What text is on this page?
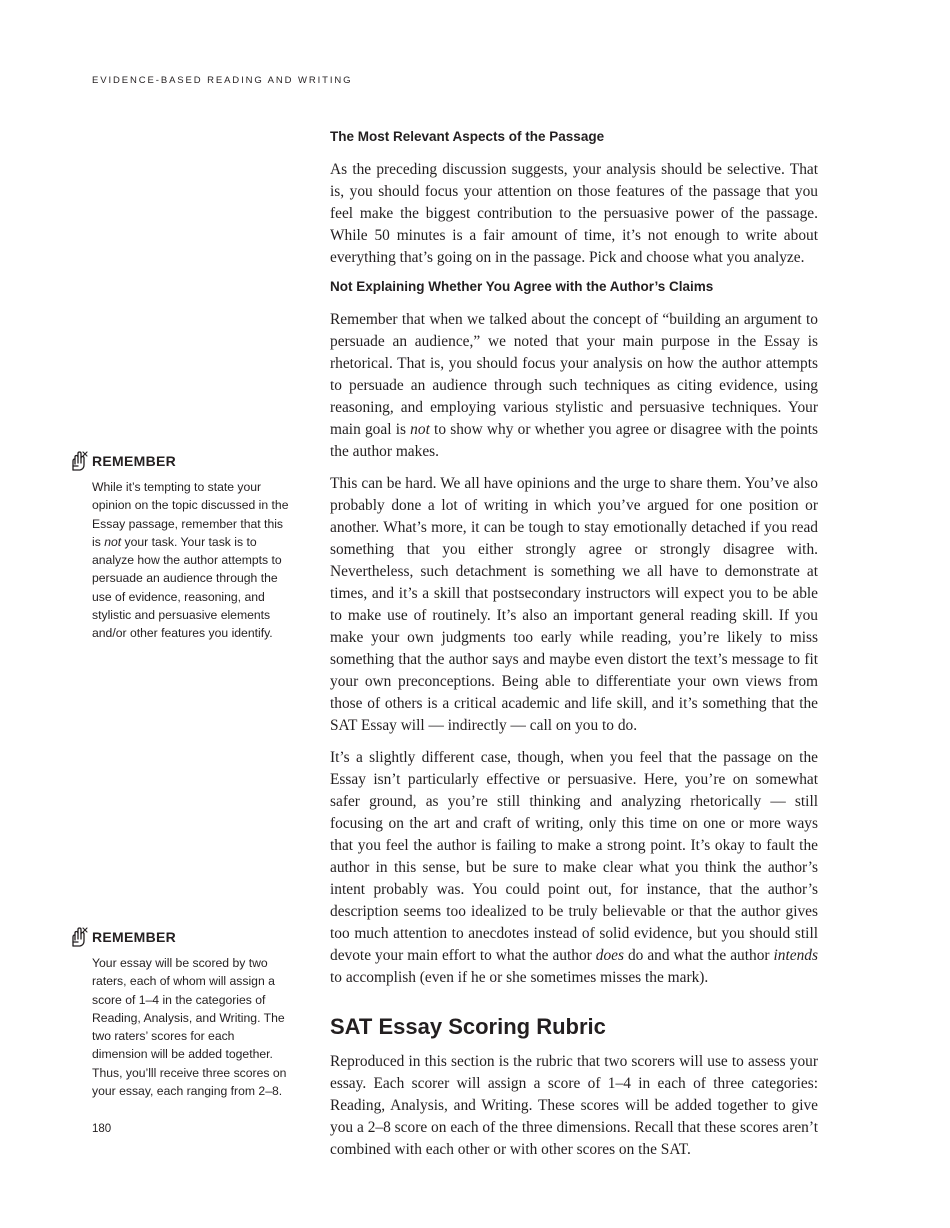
EVIDENCE-BASED READING AND WRITING
The Most Relevant Aspects of the Passage

As the preceding discussion suggests, your analysis should be selective. That is, you should focus your attention on those features of the passage that you feel make the biggest contribution to the persuasive power of the passage. While 50 minutes is a fair amount of time, it’s not enough to write about everything that’s going on in the passage. Pick and choose what you analyze.

Not Explaining Whether You Agree with the Author’s Claims

Remember that when we talked about the concept of “building an argument to persuade an audience,” we noted that your main purpose in the Essay is rhetorical. That is, you should focus your analysis on how the author attempts to persuade an audience through such techniques as citing evidence, using reasoning, and employing various stylistic and persuasive techniques. Your main goal is not to show why or whether you agree or disagree with the points the author makes.

This can be hard. We all have opinions and the urge to share them. You’ve also probably done a lot of writing in which you’ve argued for one position or another. What’s more, it can be tough to stay emotionally detached if you read something that you either strongly agree or strongly disagree with. Nevertheless, such detachment is something we all have to demonstrate at times, and it’s a skill that postsecondary instructors will expect you to be able to make use of routinely. It’s also an important general reading skill. If you make your own judgments too early while reading, you’re likely to miss something that the author says and maybe even distort the text’s message to fit your own preconceptions. Being able to differentiate your own views from those of others is a critical academic and life skill, and it’s something that the SAT Essay will — indirectly — call on you to do.

It’s a slightly different case, though, when you feel that the passage on the Essay isn’t particularly effective or persuasive. Here, you’re on somewhat safer ground, as you’re still thinking and analyzing rhetorically — still focusing on the art and craft of writing, only this time on one or more ways that you feel the author is failing to make a strong point. It’s okay to fault the author in this sense, but be sure to make clear what you think the author’s intent probably was. You could point out, for instance, that the author’s description seems too idealized to be truly believable or that the author gives too much attention to anecdotes instead of solid evidence, but you should still devote your main effort to what the author does do and what the author intends to accomplish (even if he or she sometimes misses the mark).

SAT Essay Scoring Rubric

Reproduced in this section is the rubric that two scorers will use to assess your essay. Each scorer will assign a score of 1–4 in each of three categories: Reading, Analysis, and Writing. These scores will be added together to give you a 2–8 score on each of the three dimensions. Recall that these scores aren’t combined with each other or with other scores on the SAT.

REMEMBER
While it’s tempting to state your opinion on the topic discussed in the Essay passage, remember that this is not your task. Your task is to analyze how the author attempts to persuade an audience through the use of evidence, reasoning, and stylistic and persuasive elements and/or other features you identify.
REMEMBER
Your essay will be scored by two raters, each of whom will assign a score of 1–4 in the categories of Reading, Analysis, and Writing. The two raters’ scores for each dimension will be added together. Thus, you’lll receive three scores on your essay, each ranging from 2–8.
180
